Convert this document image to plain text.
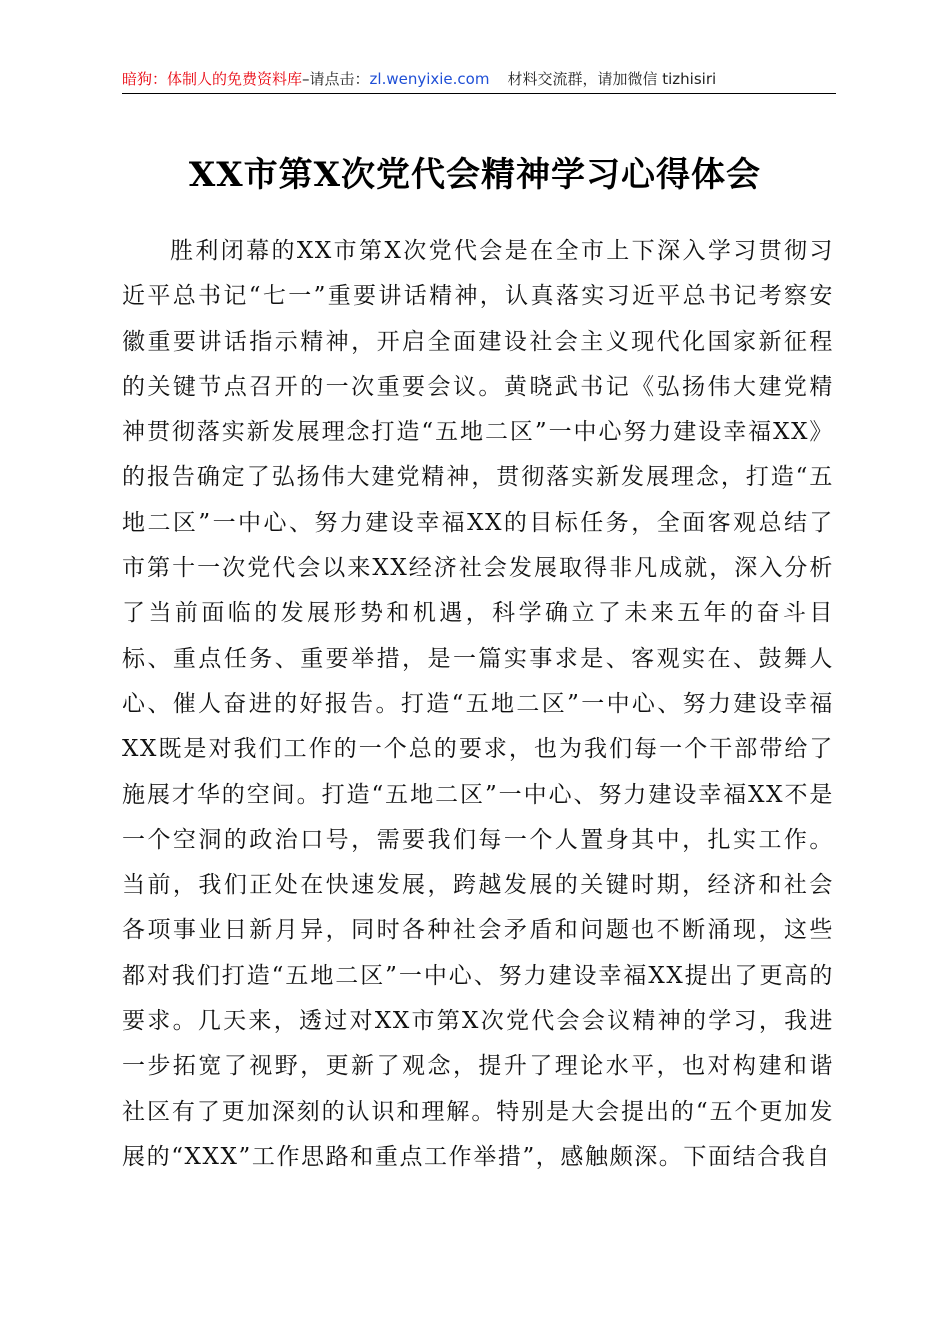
暗狗：体制人的免费资料库–请点击：zl.wenyixie.com 材料交流群，请加微信 tizhisiri
XX市第X次党代会精神学习心得体会

胜利闭幕的XX市第X次党代会是在全市上下深入学习贯彻习近平总书记“七一”重要讲话精神，认真落实习近平总书记考察安徽重要讲话指示精神，开启全面建设社会主义现代化国家新征程的关键节点召开的一次重要会议。黄晓武书记《弘扬伟大建党精神贯彻落实新发展理念打造“五地二区”一中心努力建设幸福XX》的报告确定了弘扬伟大建党精神，贯彻落实新发展理念，打造“五地二区”一中心、努力建设幸福XX的目标任务，全面客观总结了市第十一次党代会以来XX经济社会发展取得非凡成就，深入分析了当前面临的发展形势和机遇，科学确立了未来五年的奋斗目标、重点任务、重要举措，是一篇实事求是、客观实在、鼓舞人心、催人奋进的好报告。打造“五地二区”一中心、努力建设幸福XX既是对我们工作的一个总的要求，也为我们每一个干部带给了施展才华的空间。打造“五地二区”一中心、努力建设幸福XX不是一个空洞的政治口号，需要我们每一个人置身其中，扎实工作。当前，我们正处在快速发展，跨越发展的关键时期，经济和社会各项事业日新月异，同时各种社会矛盾和问题也不断涌现，这些都对我们打造“五地二区”一中心、努力建设幸福XX提出了更高的要求。几天来，透过对XX市第X次党代会会议精神的学习，我进一步拓宽了视野，更新了观念，提升了理论水平，也对构建和谐社区有了更加深刻的认识和理解。特别是大会提出的“五个更加发展的“XXX”工作思路和重点工作举措”，感触颇深。下面结合我自
